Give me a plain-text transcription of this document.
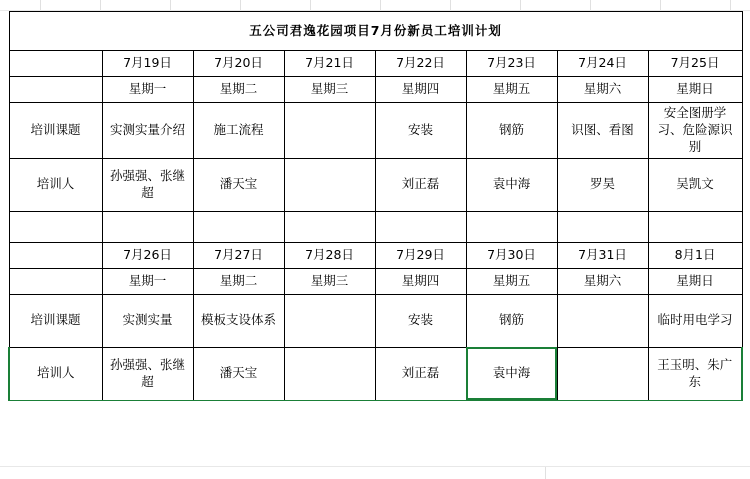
五公司君逸花园项目7月份新员工培训计划							
	7月19日	7月20日	7月21日	7月22日	7月23日	7月24日	7月25日
	星期一	星期二	星期三	星期四	星期五	星期六	星期日
培训课题	实测实量介绍	施工流程		安装	钢筋	识图、看图	安全图册学习、危险源识别
培训人	孙强强、张继超	潘天宝		刘正磊	袁中海	罗昊	吴凯文

	7月26日	7月27日	7月28日	7月29日	7月30日	7月31日	8月1日
	星期一	星期二	星期三	星期四	星期五	星期六	星期日
培训课题	实测实量	模板支设体系		安装	钢筋		临时用电学习
培训人	孙强强、张继超	潘天宝		刘正磊	袁中海		王玉明、朱广东
